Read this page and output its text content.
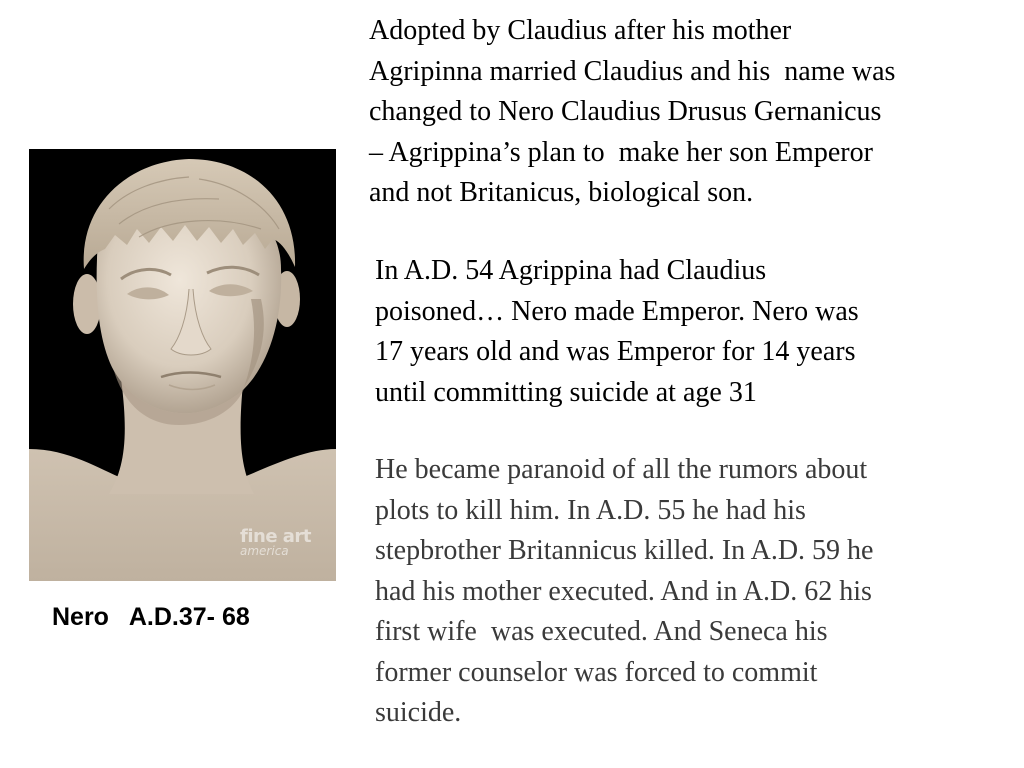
fine art
america
Nero   A.D.37- 68

Adopted by Claudius after his mother
Agripinna married Claudius and his  name was
changed to Nero Claudius Drusus Gernanicus
– Agrippina’s plan to  make her son Emperor
and not Britanicus, biological son.

In A.D. 54 Agrippina had Claudius
poisoned… Nero made Emperor. Nero was
17 years old and was Emperor for 14 years
until committing suicide at age 31

He became paranoid of all the rumors about
plots to kill him. In A.D. 55 he had his
stepbrother Britannicus killed. In A.D. 59 he
had his mother executed. And in A.D. 62 his
first wife  was executed. And Seneca his
former counselor was forced to commit
suicide.
